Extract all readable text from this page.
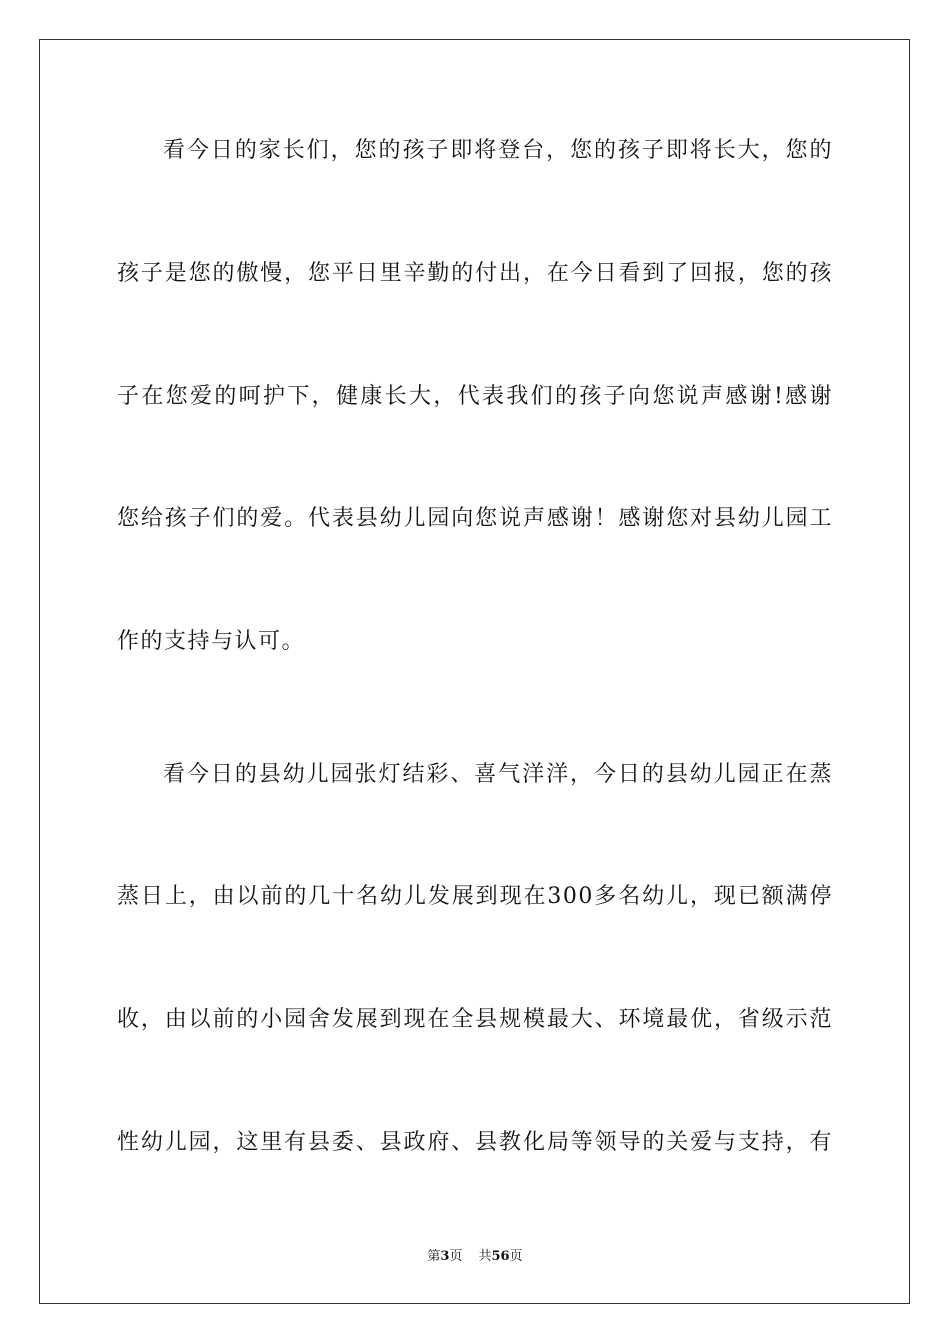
看今日的家长们，您的孩子即将登台，您的孩子即将长大，您的
孩子是您的傲慢，您平日里辛勤的付出，在今日看到了回报，您的孩
子在您爱的呵护下，健康长大，代表我们的孩子向您说声感谢!感谢
您给孩子们的爱。代表县幼儿园向您说声感谢！感谢您对县幼儿园工
作的支持与认可。
看今日的县幼儿园张灯结彩、喜气洋洋，今日的县幼儿园正在蒸
蒸日上，由以前的几十名幼儿发展到现在300多名幼儿，现已额满停
收，由以前的小园舍发展到现在全县规模最大、环境最优，省级示范
性幼儿园，这里有县委、县政府、县教化局等领导的关爱与支持，有
第3页 共56页
